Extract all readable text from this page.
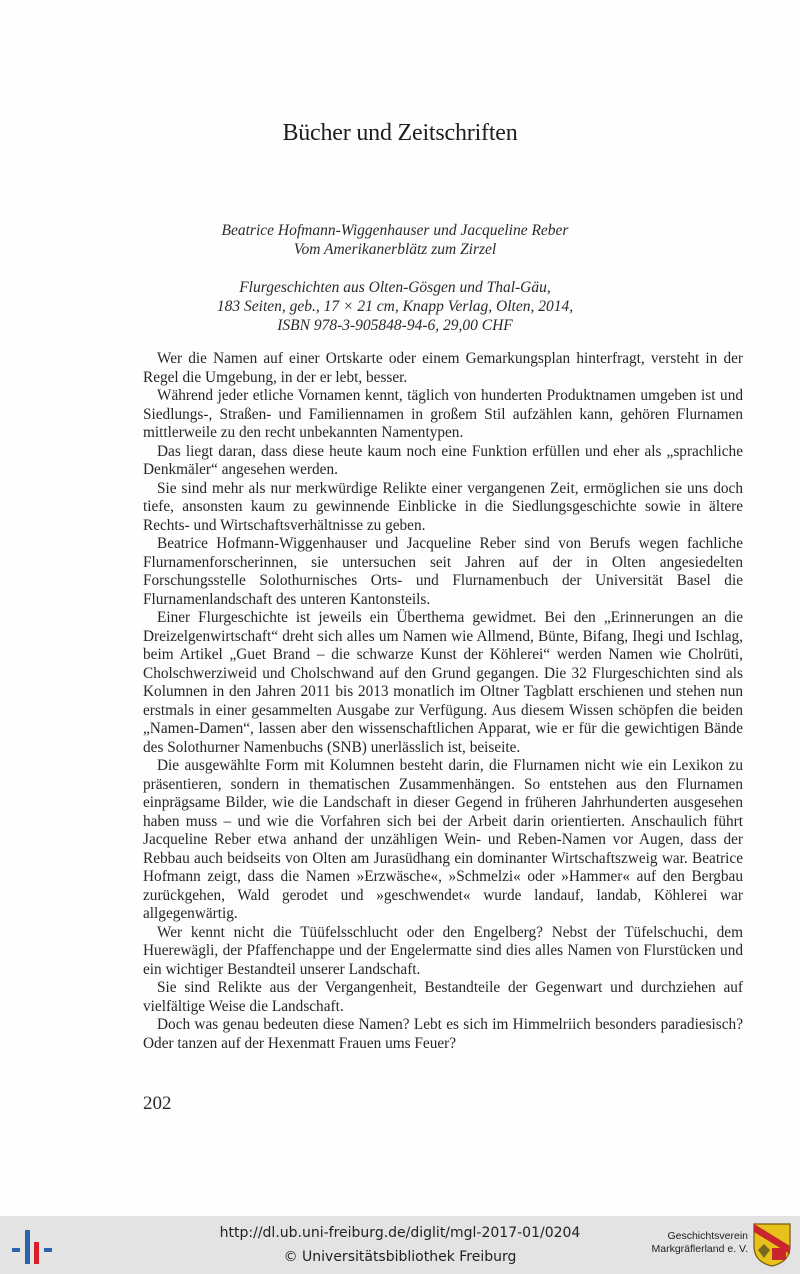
Bücher und Zeitschriften
Beatrice Hofmann-Wiggenhauser und Jacqueline Reber
Vom Amerikanerblätz zum Zirzel
Flurgeschichten aus Olten-Gösgen und Thal-Gäu,
183 Seiten, geb., 17 × 21 cm, Knapp Verlag, Olten, 2014,
ISBN 978-3-905848-94-6, 29,00 CHF

Wer die Namen auf einer Ortskarte oder einem Gemarkungsplan hinterfragt, versteht in der Regel die Umgebung, in der er lebt, besser.

Während jeder etliche Vornamen kennt, täglich von hunderten Produktnamen umgeben ist und Siedlungs-, Straßen- und Familiennamen in großem Stil aufzählen kann, gehören Flurnamen mittlerweile zu den recht unbekannten Namentypen.

Das liegt daran, dass diese heute kaum noch eine Funktion erfüllen und eher als „sprachliche Denkmäler“ angesehen werden.

Sie sind mehr als nur merkwürdige Relikte einer vergangenen Zeit, ermöglichen sie uns doch tiefe, ansonsten kaum zu gewinnende Einblicke in die Siedlungsgeschichte sowie in ältere Rechts- und Wirtschaftsverhältnisse zu geben.

Beatrice Hofmann-Wiggenhauser und Jacqueline Reber sind von Berufs wegen fachliche Flurnamenforscherinnen, sie untersuchen seit Jahren auf der in Olten angesiedelten Forschungsstelle Solothurnisches Orts- und Flurnamenbuch der Universität Basel die Flurnamenlandschaft des unteren Kantonsteils.

Einer Flurgeschichte ist jeweils ein Überthema gewidmet. Bei den „Erinnerungen an die Dreizelgenwirtschaft“ dreht sich alles um Namen wie Allmend, Bünte, Bifang, Ihegi und Ischlag, beim Artikel „Guet Brand – die schwarze Kunst der Köhlerei“ werden Namen wie Cholrüti, Cholschwerziweid und Cholschwand auf den Grund gegangen. Die 32 Flurgeschichten sind als Kolumnen in den Jahren 2011 bis 2013 monatlich im Oltner Tagblatt erschienen und stehen nun erstmals in einer gesammelten Ausgabe zur Verfügung. Aus diesem Wissen schöpfen die beiden „Namen-Damen“, lassen aber den wissenschaftlichen Apparat, wie er für die gewichtigen Bände des Solothurner Namenbuchs (SNB) unerlässlich ist, beiseite.

Die ausgewählte Form mit Kolumnen besteht darin, die Flurnamen nicht wie ein Lexikon zu präsentieren, sondern in thematischen Zusammenhängen. So entstehen aus den Flurnamen einprägsame Bilder, wie die Landschaft in dieser Gegend in früheren Jahrhunderten ausgesehen haben muss – und wie die Vorfahren sich bei der Arbeit darin orientierten. Anschaulich führt Jacqueline Reber etwa anhand der unzähligen Wein- und Reben-Namen vor Augen, dass der Rebbau auch beidseits von Olten am Jurasüdhang ein dominanter Wirtschaftszweig war. Beatrice Hofmann zeigt, dass die Namen »Erzwäsche«, »Schmelzi« oder »Hammer« auf den Bergbau zurückgehen, Wald gerodet und »geschwendet« wurde landauf, landab, Köhlerei war allgegenwärtig.

Wer kennt nicht die Tüüfelsschlucht oder den Engelberg? Nebst der Tüfelschuchi, dem Huerewägli, der Pfaffenchappe und der Engelermatte sind dies alles Namen von Flurstücken und ein wichtiger Bestandteil unserer Landschaft.

Sie sind Relikte aus der Vergangenheit, Bestandteile der Gegenwart und durchziehen auf vielfältige Weise die Landschaft.

Doch was genau bedeuten diese Namen? Lebt es sich im Himmelriich besonders paradiesisch? Oder tanzen auf der Hexenmatt Frauen ums Feuer?

202
http://dl.ub.uni-freiburg.de/diglit/mgl-2017-01/0204
© Universitätsbibliothek Freiburg
Geschichtsverein
Markgräflerland e. V.
